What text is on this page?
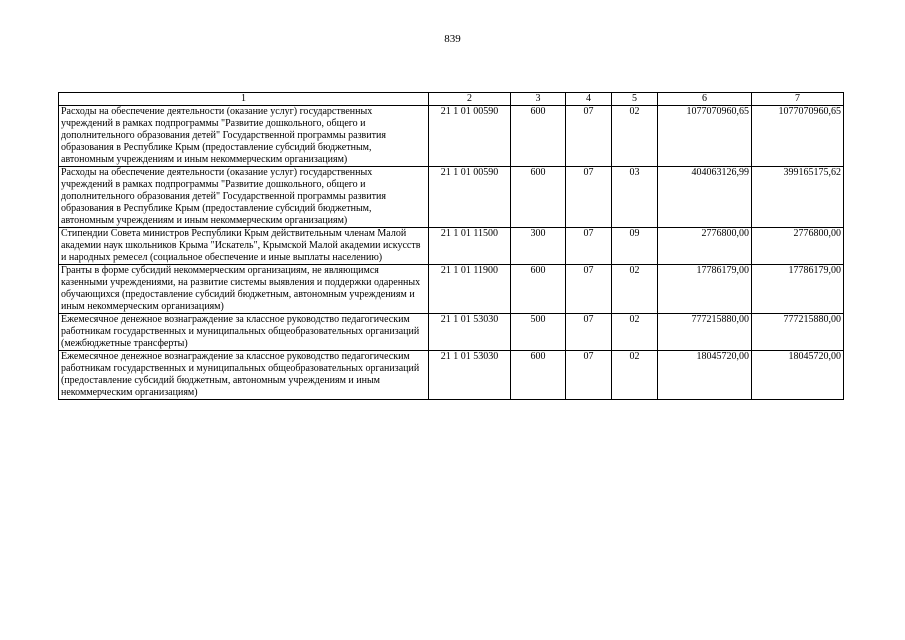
839
1	2	3	4	5	6	7
Расходы на обеспечение деятельности (оказание услуг) государственных учреждений в рамках подпрограммы "Развитие дошкольного, общего и дополнительного образования детей" Государственной программы развития образования в Республике Крым (предоставление субсидий бюджетным, автономным учреждениям и иным некоммерческим организациям)	21 1 01 00590	600	07	02	1077070960,65	1077070960,65
Расходы на обеспечение деятельности (оказание услуг) государственных учреждений в рамках подпрограммы "Развитие дошкольного, общего и дополнительного образования детей" Государственной программы развития образования в Республике Крым (предоставление субсидий бюджетным, автономным учреждениям и иным некоммерческим организациям)	21 1 01 00590	600	07	03	404063126,99	399165175,62
Стипендии Совета министров Республики Крым действительным членам Малой академии наук школьников Крыма "Искатель", Крымской Малой академии искусств и народных ремесел (социальное обеспечение и иные выплаты населению)	21 1 01 11500	300	07	09	2776800,00	2776800,00
Гранты в форме субсидий некоммерческим организациям, не являющимся казенными учреждениями, на развитие системы выявления и поддержки одаренных обучающихся (предоставление субсидий бюджетным, автономным учреждениям и иным некоммерческим организациям)	21 1 01 11900	600	07	02	17786179,00	17786179,00
Ежемесячное денежное вознаграждение за классное руководство педагогическим работникам государственных и муниципальных общеобразовательных организаций (межбюджетные трансферты)	21 1 01 53030	500	07	02	777215880,00	777215880,00
Ежемесячное денежное вознаграждение за классное руководство педагогическим работникам государственных и муниципальных общеобразовательных организаций (предоставление субсидий бюджетным, автономным учреждениям и иным некоммерческим организациям)	21 1 01 53030	600	07	02	18045720,00	18045720,00
